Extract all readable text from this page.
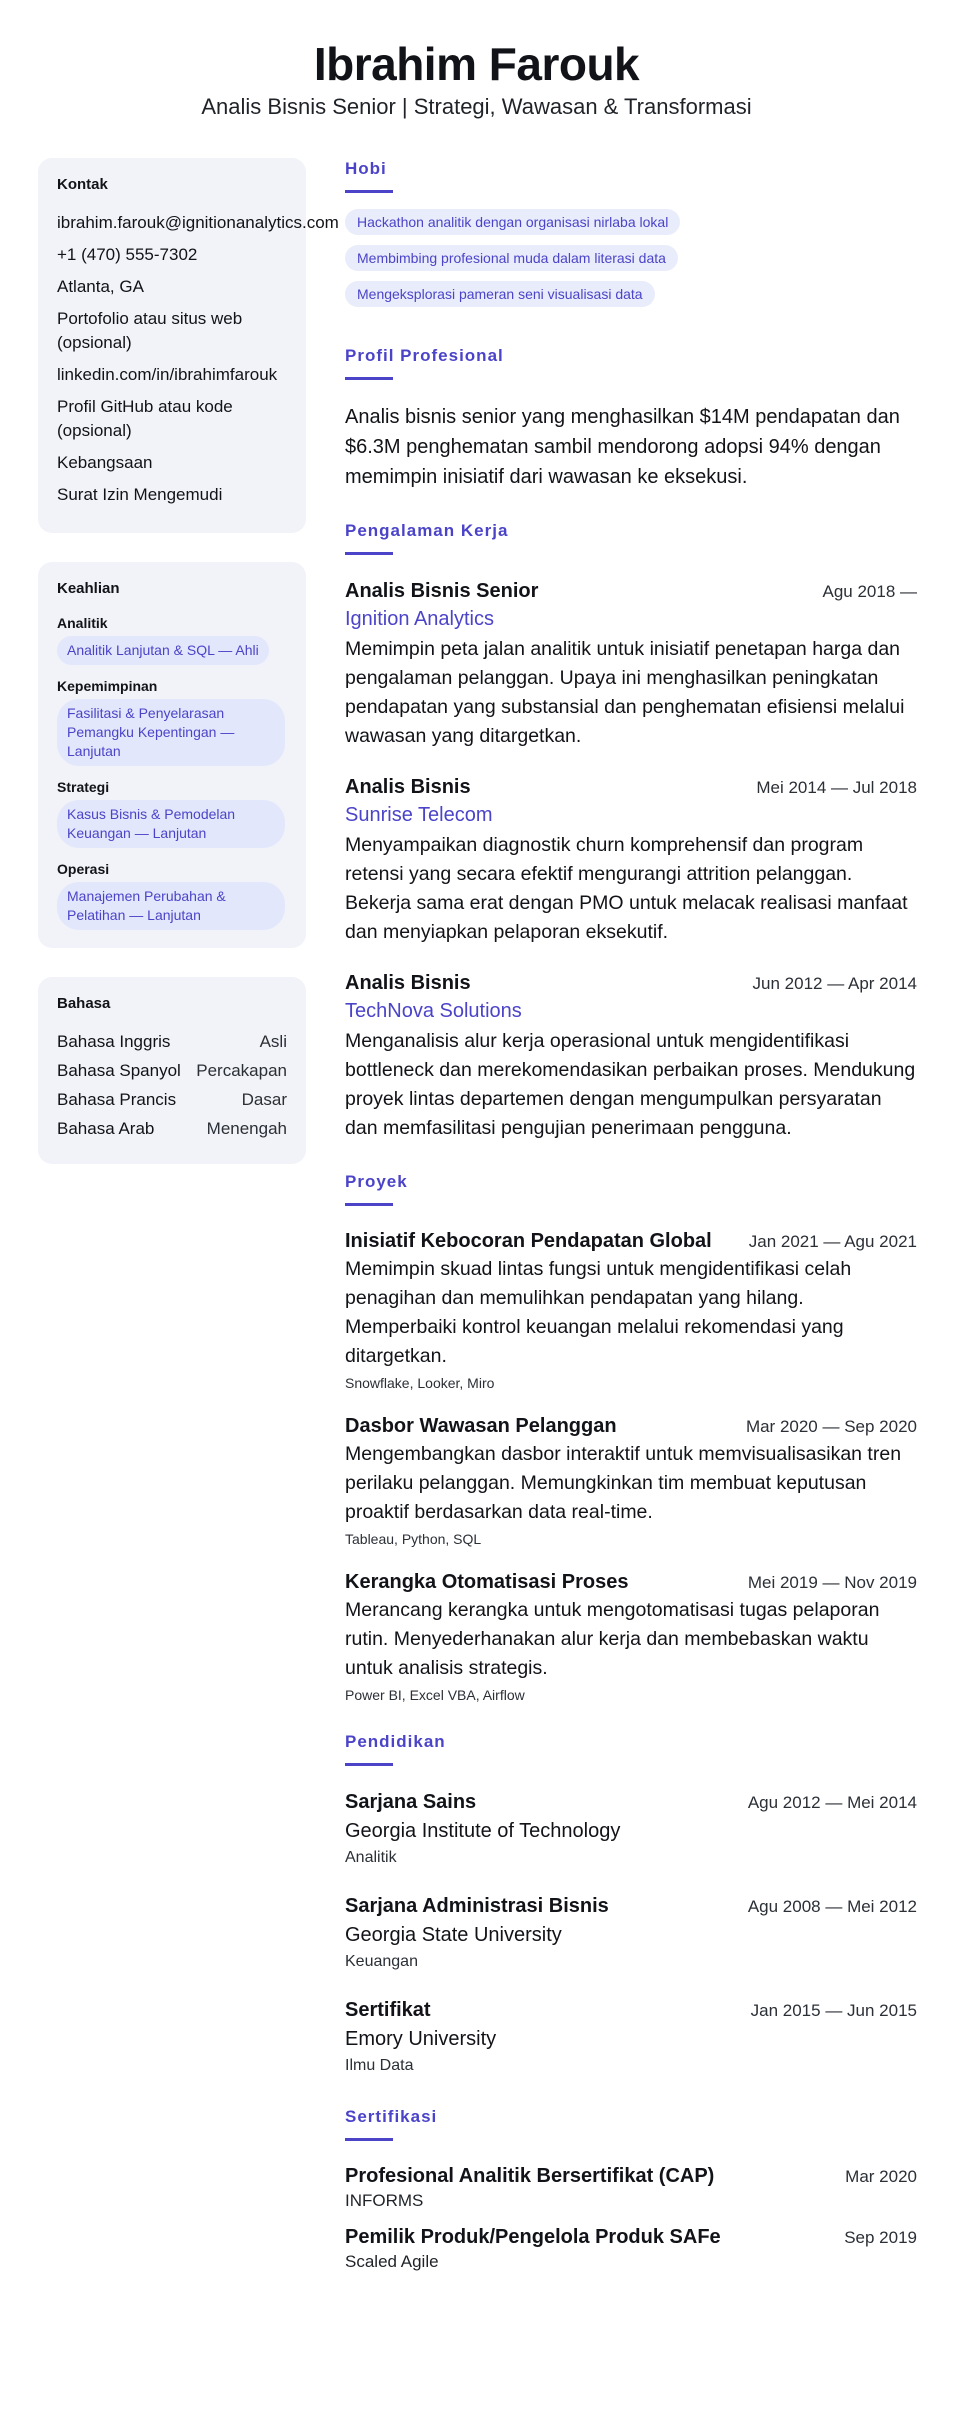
Ibrahim Farouk
Analis Bisnis Senior | Strategi, Wawasan & Transformasi
Kontak
ibrahim.farouk@ignitionanalytics.com
+1 (470) 555-7302
Atlanta, GA
Portofolio atau situs web (opsional)
linkedin.com/in/ibrahimfarouk
Profil GitHub atau kode (opsional)
Kebangsaan
Surat Izin Mengemudi
Keahlian
Analitik
Analitik Lanjutan & SQL — Ahli
Kepemimpinan
Fasilitasi & Penyelarasan Pemangku Kepentingan — Lanjutan
Strategi
Kasus Bisnis & Pemodelan Keuangan — Lanjutan
Operasi
Manajemen Perubahan & Pelatihan — Lanjutan
Bahasa
Bahasa Inggris	Asli
Bahasa Spanyol Percakapan
Bahasa Prancis	Dasar
Bahasa Arab	Menengah
Hobi
Hackathon analitik dengan organisasi nirlaba lokal
Membimbing profesional muda dalam literasi data
Mengeksplorasi pameran seni visualisasi data
Profil Profesional

Analis bisnis senior yang menghasilkan $14M pendapatan dan $6.3M penghematan sambil mendorong adopsi 94% dengan memimpin inisiatif dari wawasan ke eksekusi.

Pengalaman Kerja
Analis Bisnis Senior	Agu 2018 —
Ignition Analytics

Memimpin peta jalan analitik untuk inisiatif penetapan harga dan pengalaman pelanggan. Upaya ini menghasilkan peningkatan pendapatan yang substansial dan penghematan efisiensi melalui wawasan yang ditargetkan.

Analis Bisnis	Mei 2014 — Jul 2018
Sunrise Telecom

Menyampaikan diagnostik churn komprehensif dan program retensi yang secara efektif mengurangi attrition pelanggan. Bekerja sama erat dengan PMO untuk melacak realisasi manfaat dan menyiapkan pelaporan eksekutif.

Analis Bisnis	Jun 2012 — Apr 2014
TechNova Solutions

Menganalisis alur kerja operasional untuk mengidentifikasi bottleneck dan merekomendasikan perbaikan proses. Mendukung proyek lintas departemen dengan mengumpulkan persyaratan dan memfasilitasi pengujian penerimaan pengguna.

Proyek
Inisiatif Kebocoran Pendapatan Global Jan 2021 — Agu 2021

Memimpin skuad lintas fungsi untuk mengidentifikasi celah penagihan dan memulihkan pendapatan yang hilang. Memperbaiki kontrol keuangan melalui rekomendasi yang ditargetkan.

Snowflake, Looker, Miro
Dasbor Wawasan Pelanggan	Mar 2020 — Sep 2020

Mengembangkan dasbor interaktif untuk memvisualisasikan tren perilaku pelanggan. Memungkinkan tim membuat keputusan proaktif berdasarkan data real-time.

Tableau, Python, SQL
Kerangka Otomatisasi Proses	Mei 2019 — Nov 2019

Merancang kerangka untuk mengotomatisasi tugas pelaporan rutin. Menyederhanakan alur kerja dan membebaskan waktu untuk analisis strategis.

Power BI, Excel VBA, Airflow
Pendidikan
Sarjana Sains	Agu 2012 — Mei 2014
Georgia Institute of Technology
Analitik
Sarjana Administrasi Bisnis	Agu 2008 — Mei 2012
Georgia State University
Keuangan
Sertifikat	Jan 2015 — Jun 2015
Emory University
Ilmu Data
Sertifikasi
Profesional Analitik Bersertifikat (CAP)	Mar 2020
INFORMS
Pemilik Produk/Pengelola Produk SAFe	Sep 2019
Scaled Agile
